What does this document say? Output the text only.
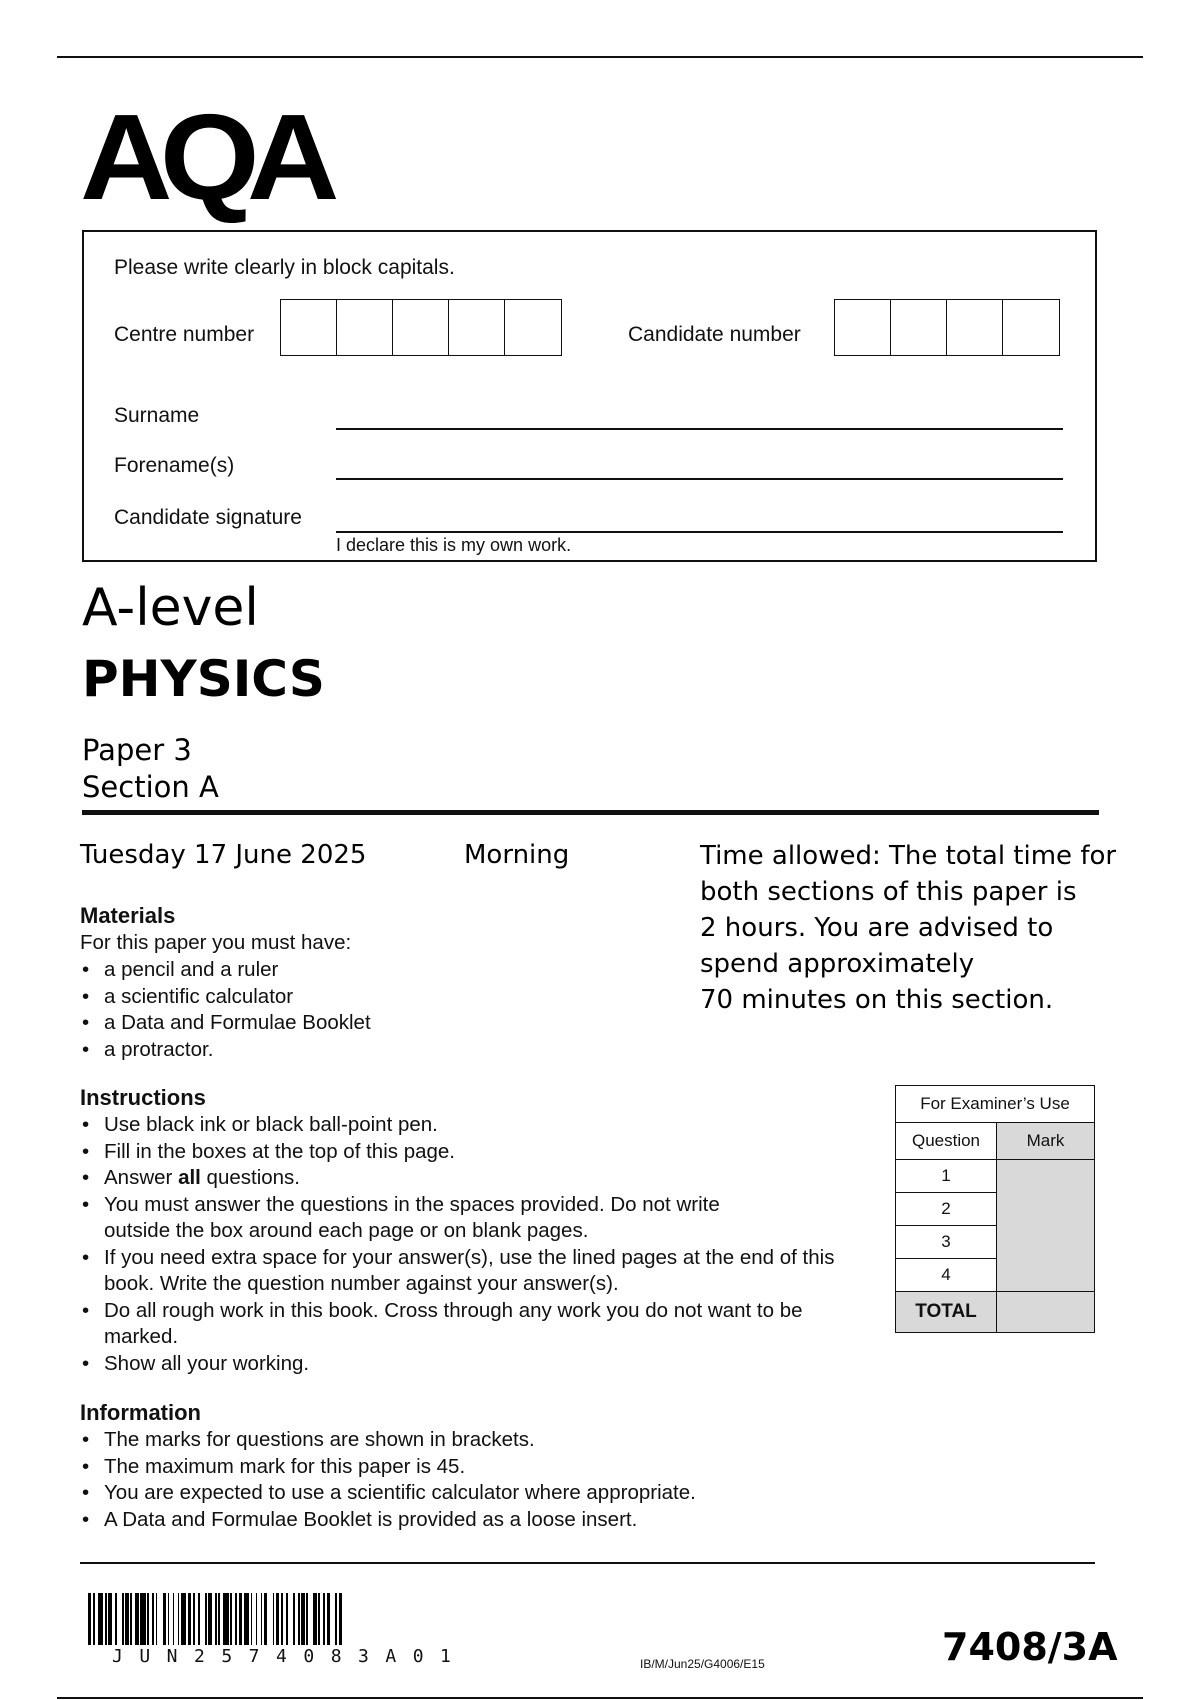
AQA
Please write clearly in block capitals.
Centre number	Candidate number
Surname
Forename(s)
Candidate signature
I declare this is my own work.
A-level
PHYSICS
Paper 3
Section A
Tuesday 17 June 2025	Morning	Time allowed: The total time for
both sections of this paper is
2 hours. You are advised to
spend approximately
70 minutes on this section.
Materials
For this paper you must have:
• a pencil and a ruler
• a scientific calculator
• a Data and Formulae Booklet
• a protractor.
Instructions
• Use black ink or black ball-point pen.
• Fill in the boxes at the top of this page.
• Answer all questions.
• You must answer the questions in the spaces provided. Do not write outside the box around each page or on blank pages.
• If you need extra space for your answer(s), use the lined pages at the end of this book. Write the question number against your answer(s).
• Do all rough work in this book. Cross through any work you do not want to be marked.
• Show all your working.
For Examiner’s Use	
Question	Mark
1	
2	
3	
4	
TOTAL	
Information
• The marks for questions are shown in brackets.
• The maximum mark for this paper is 45.
• You are expected to use a scientific calculator where appropriate.
• A Data and Formulae Booklet is provided as a loose insert.
JUN2574083A01	IB/M/Jun25/G4006/E15	7408/3A
